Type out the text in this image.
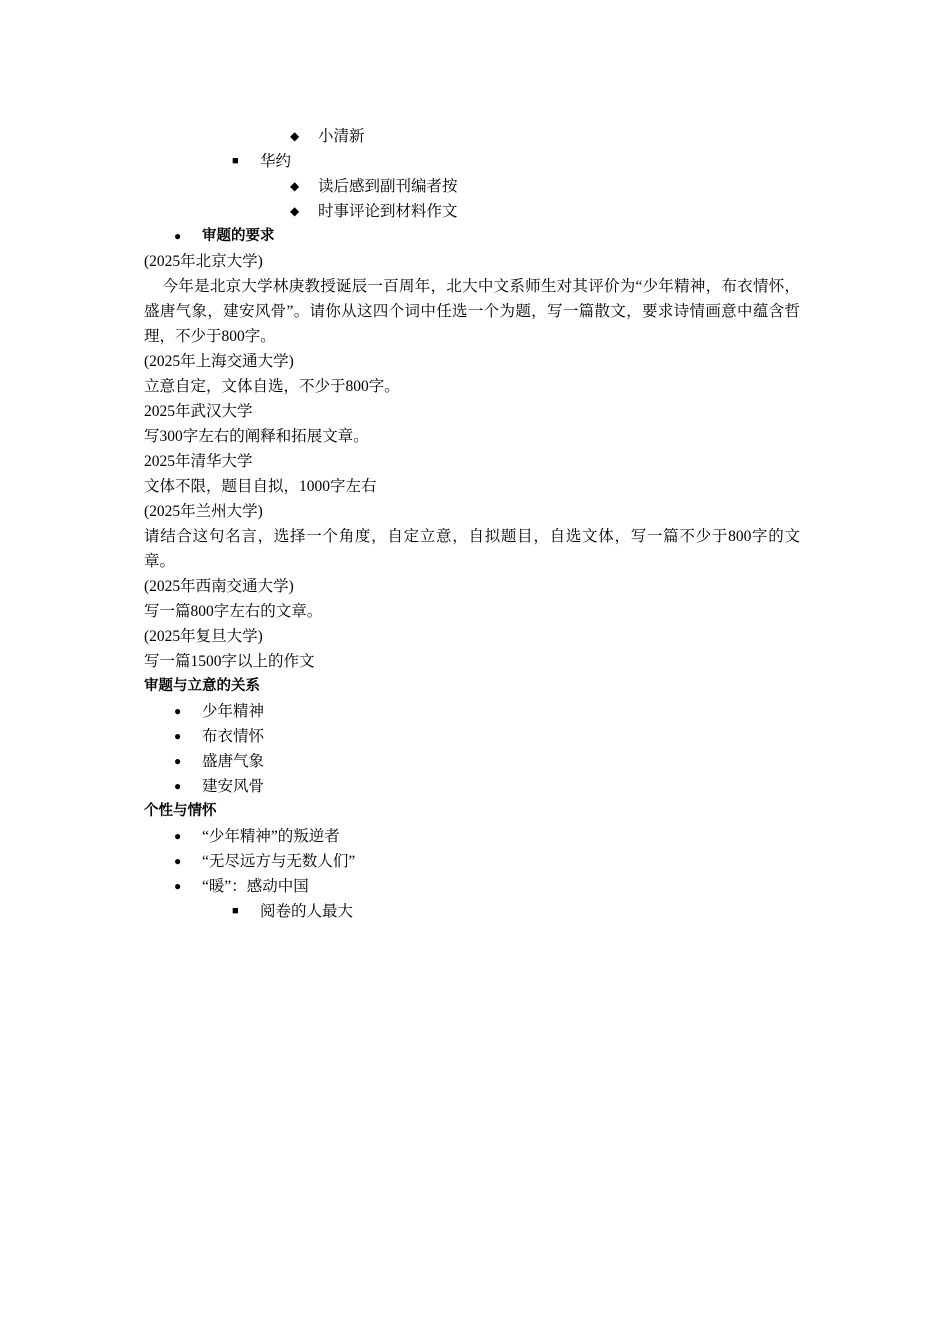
◆ 小清新
■ 华约
◆ 读后感到副刊编者按
◆ 时事评论到材料作文
● 审题的要求
(2025年北京大学)
今年是北京大学林庚教授诞辰一百周年，北大中文系师生对其评价为“少年精神，布衣情怀，盛唐气象，建安风骨”。请你从这四个词中任选一个为题，写一篇散文，要求诗情画意中蕴含哲理，不少于800字。
(2025年上海交通大学)
立意自定，文体自选，不少于800字。
2025年武汉大学
写300字左右的阐释和拓展文章。
2025年清华大学
文体不限，题目自拟，1000字左右
(2025年兰州大学)
请结合这句名言，选择一个角度，自定立意，自拟题目，自选文体，写一篇不少于800字的文章。
(2025年西南交通大学)
写一篇800字左右的文章。
(2025年复旦大学)
写一篇1500字以上的作文
审题与立意的关系
● 少年精神
● 布衣情怀
● 盛唐气象
● 建安风骨
个性与情怀
● “少年精神”的叛逆者
● “无尽远方与无数人们”
● “暖”：感动中国
■ 阅卷的人最大
